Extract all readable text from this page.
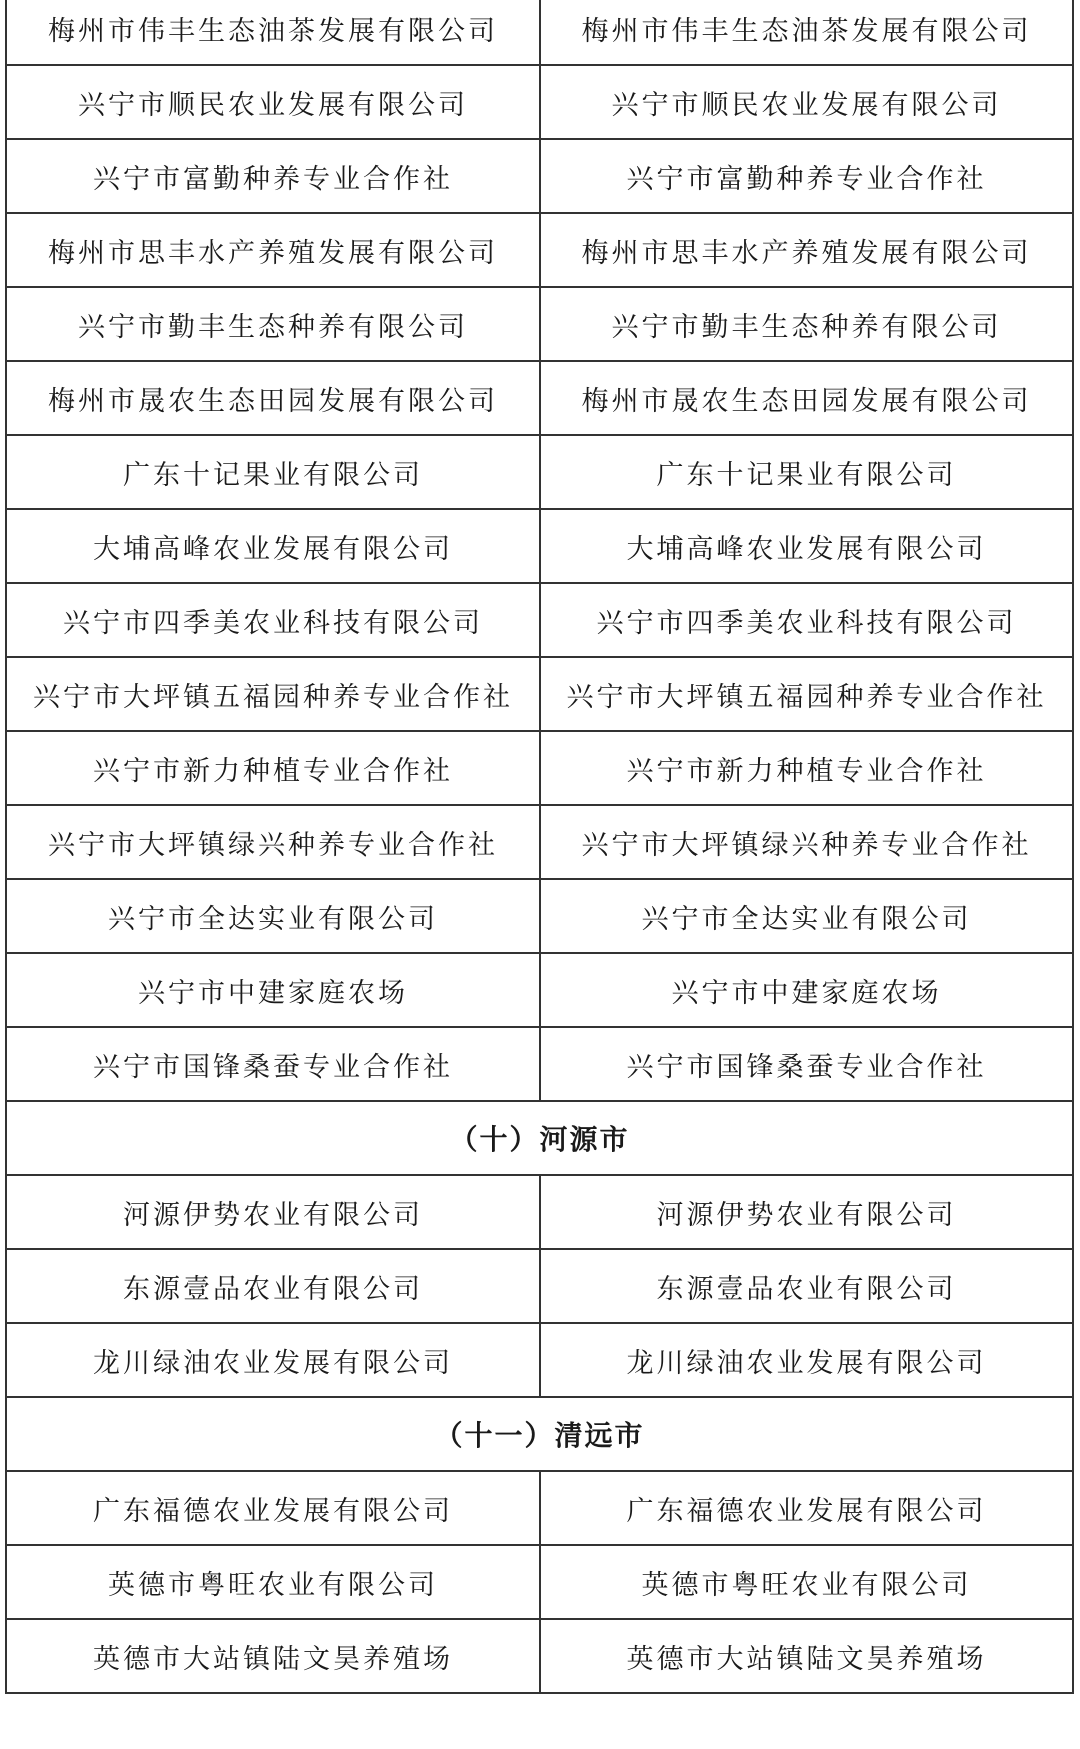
梅州市伟丰生态油茶发展有限公司	梅州市伟丰生态油茶发展有限公司
兴宁市顺民农业发展有限公司	兴宁市顺民农业发展有限公司
兴宁市富勤种养专业合作社	兴宁市富勤种养专业合作社
梅州市思丰水产养殖发展有限公司	梅州市思丰水产养殖发展有限公司
兴宁市勤丰生态种养有限公司	兴宁市勤丰生态种养有限公司
梅州市晟农生态田园发展有限公司	梅州市晟农生态田园发展有限公司
广东十记果业有限公司	广东十记果业有限公司
大埔高峰农业发展有限公司	大埔高峰农业发展有限公司
兴宁市四季美农业科技有限公司	兴宁市四季美农业科技有限公司
兴宁市大坪镇五福园种养专业合作社	兴宁市大坪镇五福园种养专业合作社
兴宁市新力种植专业合作社	兴宁市新力种植专业合作社
兴宁市大坪镇绿兴种养专业合作社	兴宁市大坪镇绿兴种养专业合作社
兴宁市全达实业有限公司	兴宁市全达实业有限公司
兴宁市中建家庭农场	兴宁市中建家庭农场
兴宁市国锋桑蚕专业合作社	兴宁市国锋桑蚕专业合作社
（十）河源市	
河源伊势农业有限公司	河源伊势农业有限公司
东源壹品农业有限公司	东源壹品农业有限公司
龙川绿油农业发展有限公司	龙川绿油农业发展有限公司
（十一）清远市	
广东福德农业发展有限公司	广东福德农业发展有限公司
英德市粤旺农业有限公司	英德市粤旺农业有限公司
英德市大站镇陆文昊养殖场	英德市大站镇陆文昊养殖场
